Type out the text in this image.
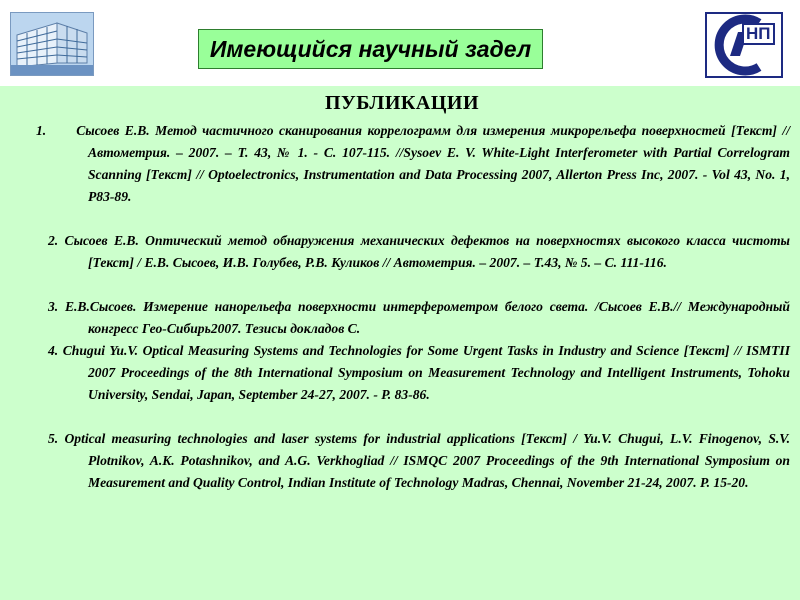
Имеющийся научный задел
НП
ПУБЛИКАЦИИ

1. Сысоев Е.В. Метод частичного сканирования коррелограмм для измерения микрорельефа поверхностей [Текст] // Автометрия. – 2007. – Т. 43, № 1. - С. 107-115. //Sysoev E. V. White-Light Interferometer with Partial Correlogram Scanning [Текст] // Optoelectronics, Instrumentation and Data Processing 2007, Allerton Press Inc, 2007. - Vol 43, No. 1, P83-89.

2. Сысоев Е.В. Оптический метод обнаружения механических дефектов на поверхностях высокого класса чистоты [Текст] / Е.В. Сысоев, И.В. Голубев, Р.В. Куликов // Автометрия. – 2007. – Т.43, № 5. – С. 111-116.

3. Е.В.Сысоев. Измерение нанорельефа поверхности интерферометром белого света. /Сысоев Е.В.// Международный конгресс Гео-Сибирь2007. Тезисы докладов С.

4. Chugui Yu.V. Optical Measuring Systems and Technologies for Some Urgent Tasks in Industry and Science [Текст] // ISMTII 2007 Proceedings of the 8th International Symposium on Measurement Technology and Intelligent Instruments, Tohoku University, Sendai, Japan, September 24-27, 2007. - P. 83-86.

5. Optical measuring technologies and laser systems for industrial applications [Текст] / Yu.V. Chugui, L.V. Finogenov, S.V. Plotnikov, A.K. Potashnikov, and A.G. Verkhogliad // ISMQC 2007 Proceedings of the 9th International Symposium on Measurement and Quality Control, Indian Institute of Technology Madras, Chennai, November 21-24, 2007. P. 15-20.
